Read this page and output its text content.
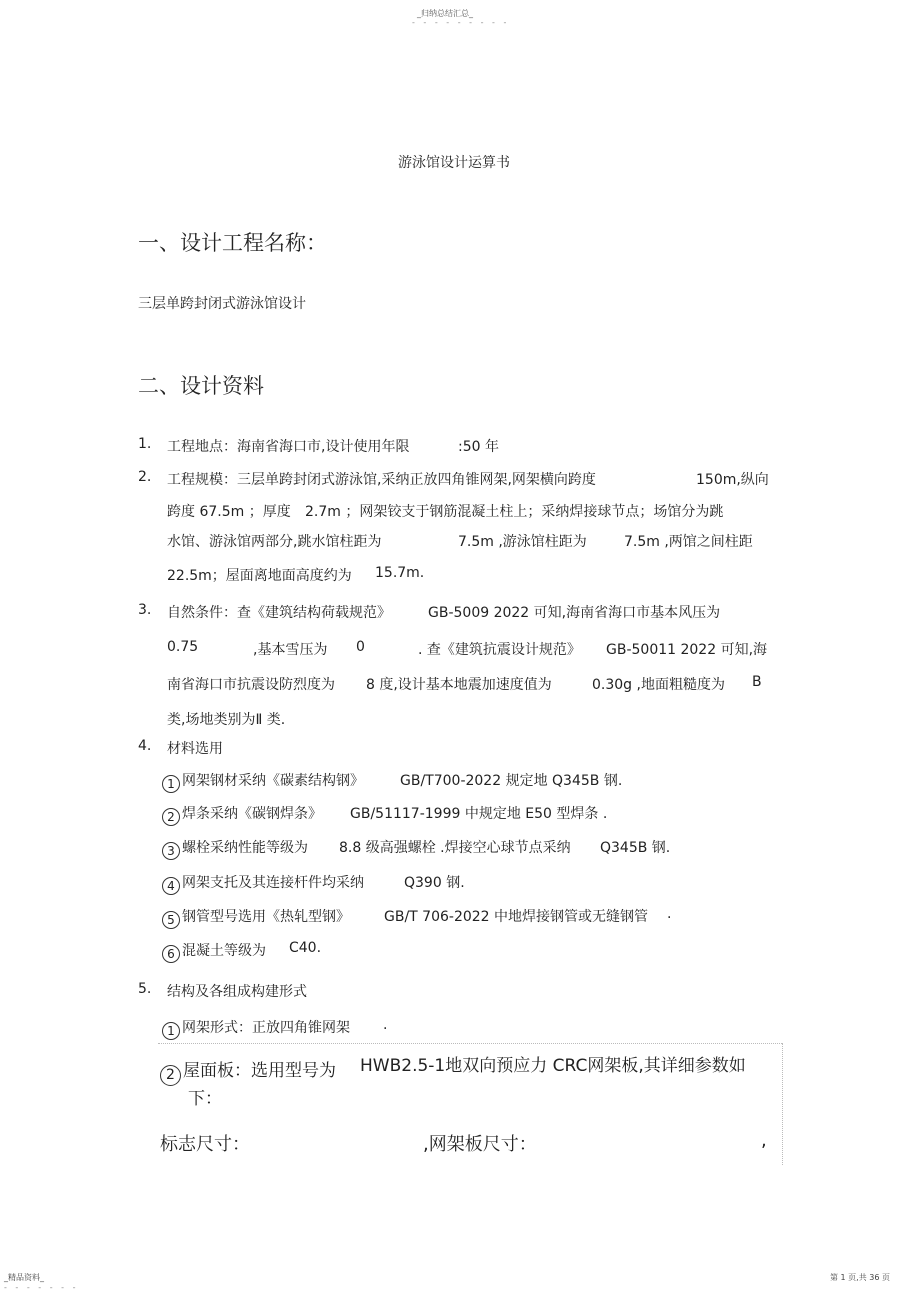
_归纳总结汇总_
- - - - - - - - -
游泳馆设计运算书
一、设计工程名称：
三层单跨封闭式游泳馆设计
二、设计资料
1. 工程地点：海南省海口市,设计使用年限	:50 年
2. 工程规模：三层单跨封闭式游泳馆,采纳正放四角锥网架,网架横向跨度	150m,纵向
跨度 67.5m ；厚度 2.7m ；网架铰支于钢筋混凝土柱上；采纳焊接球节点；场馆分为跳
水馆、游泳馆两部分,跳水馆柱距为	7.5m ,游泳馆柱距为	7.5m ,两馆之间柱距
22.5m；屋面离地面高度约为 15.7m.
3. 自然条件：查《建筑结构荷载规范》	GB-5009 2022 可知,海南省海口市基本风压为
0.75	,基本雪压为 0	. 查《建筑抗震设计规范》 GB-50011 2022 可知,海
南省海口市抗震设防烈度为 8 度,设计基本地震加速度值为	0.30g ,地面粗糙度为 B
类,场地类别为Ⅱ 类.
4. 材料选用
1 网架钢材采纳《碳素结构钢》	GB/T700-2022 规定地 Q345B 钢.
2 焊条采纳《碳钢焊条》 GB/51117-1999 中规定地 E50 型焊条 .
3 螺栓采纳性能等级为 8.8 级高强螺栓 .焊接空心球节点采纳 Q345B 钢.
4 网架支托及其连接杆件均采纳	Q390 钢.
5 钢管型号选用《热轧型钢》 GB/T 706-2022 中地焊接钢管或无缝钢管 .
6 混凝土等级为 C40.
5. 结构及各组成构建形式
1 网架形式：正放四角锥网架 .
2 屋面板：选用型号为 HWB2.5-1地双向预应力 CRC网架板,其详细参数如
下：
标志尺寸：	,网架板尺寸：	,
_精品资料_
- - - - - - -
第 1 页,共 36 页
